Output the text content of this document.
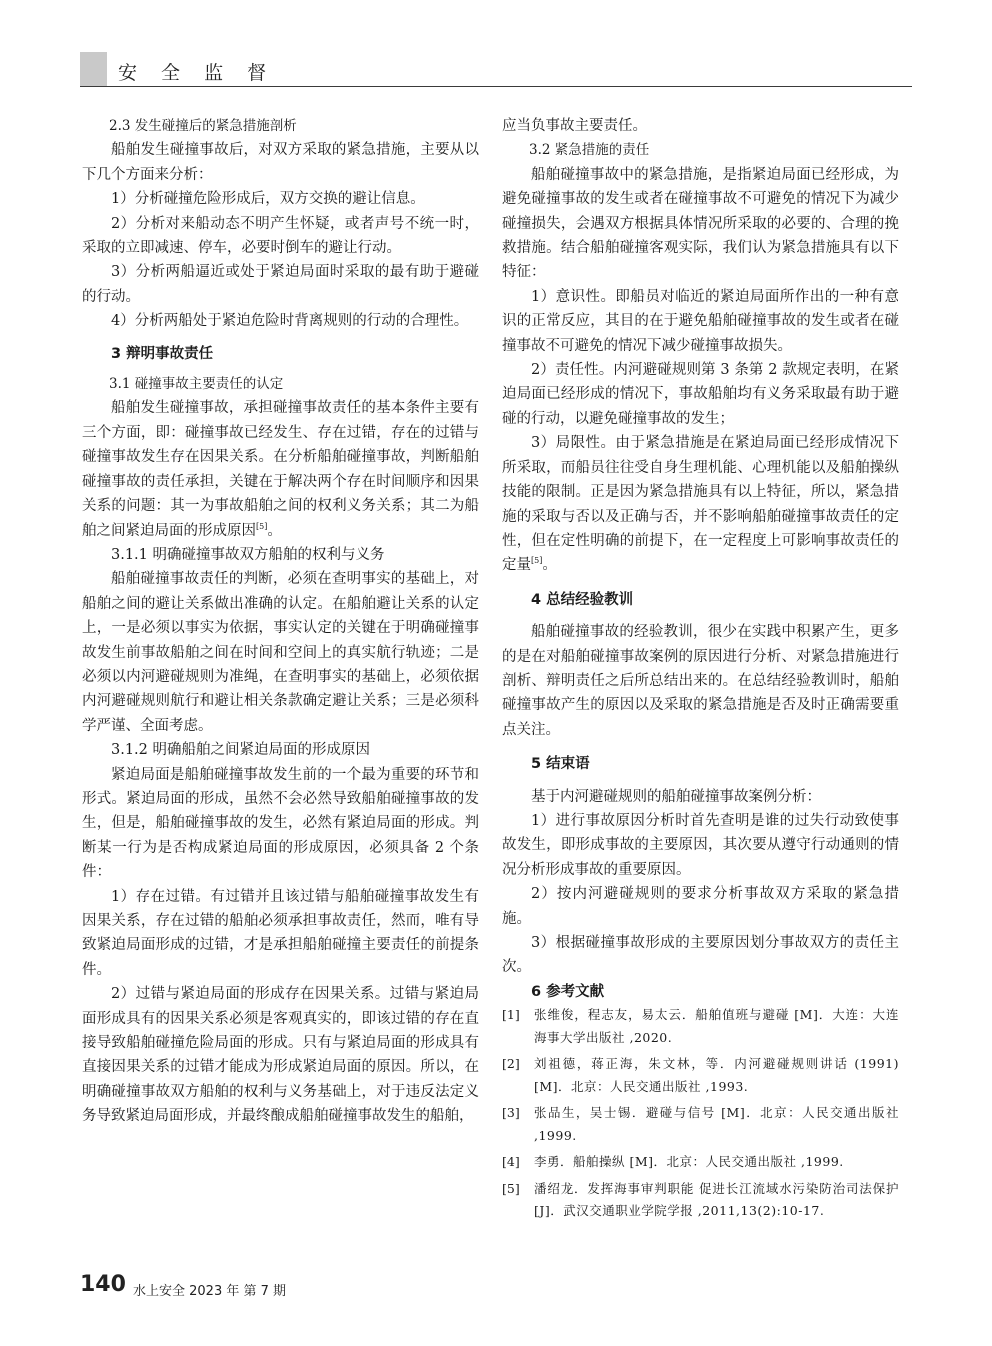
安 全 监 督

2.3 发生碰撞后的紧急措施剖析

船舶发生碰撞事故后，对双方采取的紧急措施，主要从以下几个方面来分析：

1）分析碰撞危险形成后，双方交换的避让信息。

2）分析对来船动态不明产生怀疑，或者声号不统一时，采取的立即减速、停车，必要时倒车的避让行动。

3）分析两船逼近或处于紧迫局面时采取的最有助于避碰的行动。

4）分析两船处于紧迫危险时背离规则的行动的合理性。

3 辩明事故责任

3.1 碰撞事故主要责任的认定

船舶发生碰撞事故，承担碰撞事故责任的基本条件主要有三个方面，即：碰撞事故已经发生、存在过错，存在的过错与碰撞事故发生存在因果关系。在分析船舶碰撞事故，判断船舶碰撞事故的责任承担，关键在于解决两个存在时间顺序和因果关系的问题：其一为事故船舶之间的权利义务关系；其二为船舶之间紧迫局面的形成原因[5]。

3.1.1 明确碰撞事故双方船舶的权利与义务

船舶碰撞事故责任的判断，必须在查明事实的基础上，对船舶之间的避让关系做出准确的认定。在船舶避让关系的认定上，一是必须以事实为依据，事实认定的关键在于明确碰撞事故发生前事故船舶之间在时间和空间上的真实航行轨迹；二是必须以内河避碰规则为准绳，在查明事实的基础上，必须依据内河避碰规则航行和避让相关条款确定避让关系；三是必须科学严谨、全面考虑。

3.1.2 明确船舶之间紧迫局面的形成原因

紧迫局面是船舶碰撞事故发生前的一个最为重要的环节和形式。紧迫局面的形成，虽然不会必然导致船舶碰撞事故的发生，但是，船舶碰撞事故的发生，必然有紧迫局面的形成。判断某一行为是否构成紧迫局面的形成原因，必须具备 2 个条件：

1）存在过错。有过错并且该过错与船舶碰撞事故发生有因果关系，存在过错的船舶必须承担事故责任，然而，唯有导致紧迫局面形成的过错，才是承担船舶碰撞主要责任的前提条件。

2）过错与紧迫局面的形成存在因果关系。过错与紧迫局面形成具有的因果关系必须是客观真实的，即该过错的存在直接导致船舶碰撞危险局面的形成。只有与紧迫局面的形成具有直接因果关系的过错才能成为形成紧迫局面的原因。所以，在明确碰撞事故双方船舶的权利与义务基础上，对于违反法定义务导致紧迫局面形成，并最终酿成船舶碰撞事故发生的船舶，

应当负事故主要责任。

3.2 紧急措施的责任

船舶碰撞事故中的紧急措施，是指紧迫局面已经形成，为避免碰撞事故的发生或者在碰撞事故不可避免的情况下为减少碰撞损失，会遇双方根据具体情况所采取的必要的、合理的挽救措施。结合船舶碰撞客观实际，我们认为紧急措施具有以下特征：

1）意识性。即船员对临近的紧迫局面所作出的一种有意识的正常反应，其目的在于避免船舶碰撞事故的发生或者在碰撞事故不可避免的情况下减少碰撞事故损失。

2）责任性。内河避碰规则第 3 条第 2 款规定表明，在紧迫局面已经形成的情况下，事故船舶均有义务采取最有助于避碰的行动，以避免碰撞事故的发生；

3）局限性。由于紧急措施是在紧迫局面已经形成情况下所采取，而船员往往受自身生理机能、心理机能以及船舶操纵技能的限制。正是因为紧急措施具有以上特征，所以，紧急措施的采取与否以及正确与否，并不影响船舶碰撞事故责任的定性，但在定性明确的前提下，在一定程度上可影响事故责任的定量[5]。

4 总结经验教训

船舶碰撞事故的经验教训，很少在实践中积累产生，更多的是在对船舶碰撞事故案例的原因进行分析、对紧急措施进行剖析、辩明责任之后所总结出来的。在总结经验教训时，船舶碰撞事故产生的原因以及采取的紧急措施是否及时正确需要重点关注。

5 结束语

基于内河避碰规则的船舶碰撞事故案例分析：

1）进行事故原因分析时首先查明是谁的过失行动致使事故发生，即形成事故的主要原因，其次要从遵守行动通则的情况分析形成事故的重要原因。

2）按内河避碰规则的要求分析事故双方采取的紧急措施。

3）根据碰撞事故形成的主要原因划分事故双方的责任主次。

6 参考文献

[1]	张维俊，程志友，易太云．船舶值班与避碰 [M]．大连：大连海事大学出版社 ,2020.
[2]	刘祖德，蒋正海，朱文林，等．内河避碰规则讲话 (1991)[M]．北京：人民交通出版社 ,1993.
[3]	张品生，吴士锡．避碰与信号 [M]．北京：人民交通出版社 ,1999.
[4]	李勇．船舶操纵 [M]．北京：人民交通出版社 ,1999.
[5]	潘绍龙．发挥海事审判职能 促进长江流域水污染防治司法保护 [J]．武汉交通职业学院学报 ,2011,13(2):10-17.
140 水上安全 2023 年 第 7 期
